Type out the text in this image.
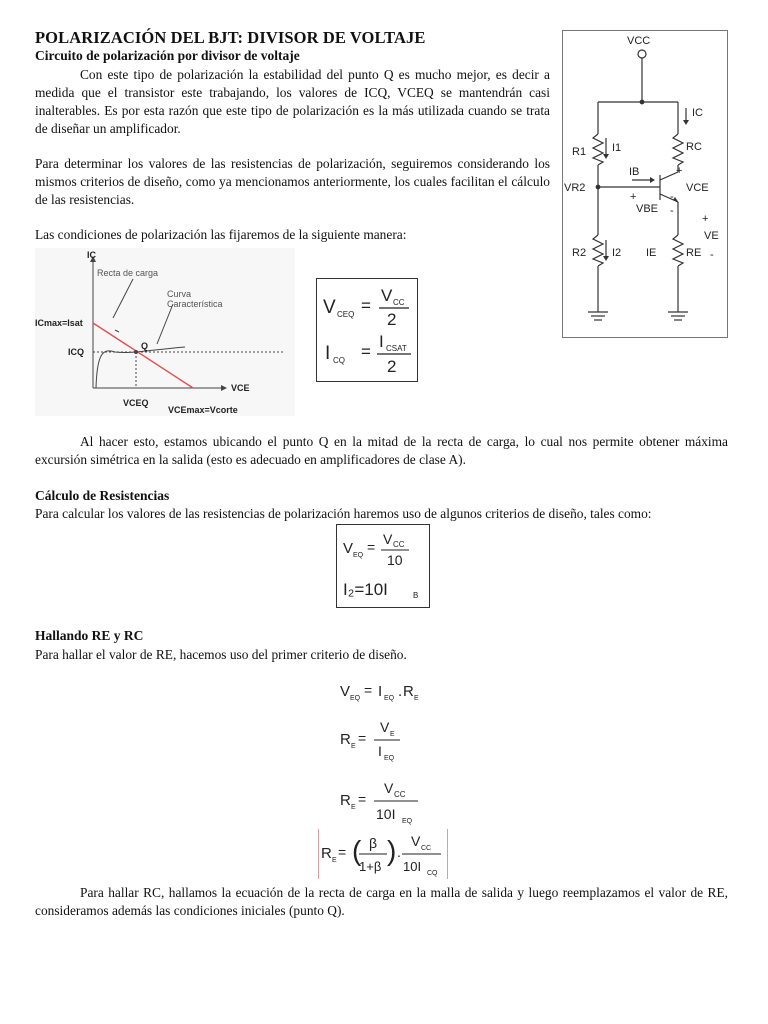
POLARIZACIÓN DEL BJT: DIVISOR DE VOLTAJE
Circuito de polarización por divisor de voltaje
Con este tipo de polarización la estabilidad del punto Q es mucho mejor, es decir a medida que el transistor este trabajando, los valores de ICQ, VCEQ se mantendrán casi inalterables. Es por esta razón que este tipo de polarización es la más utilizada cuando se trata de diseñar un amplificador.
Para determinar los valores de las resistencias de polarización, seguiremos considerando los mismos criterios de diseño, como ya mencionamos anteriormente, los cuales facilitan el cálculo de las resistencias.
Las condiciones de polarización las fijaremos de la siguiente manera:
VCC
R1 I1
IC
RC
IB
VR2
+
VCE
+	-
VBE -
+
VE
R2 I2 IE	RE -
IC
Recta de carga
Curva
Característica
ICmax=Isat
ICQ
Q
VCE
VCEQ
VCEmax=Vcorte
V CEQ =
V CC
2
I CQ =
I CSAT
2
Al hacer esto, estamos ubicando el punto Q en la mitad de la recta de carga, lo cual nos permite obtener máxima excursión simétrica en la salida (esto es adecuado en amplificadores de clase A).
Cálculo de Resistencias
Para calcular los valores de las resistencias de polarización haremos uso de algunos criterios de diseño, tales como:
V EQ
= V CC
10
I₂=10I	B
Hallando RE y RC
Para hallar el valor de RE, hacemos uso del primer criterio de diseño.
V EQ
= I EQ . R E
R E
=
V E
I EQ
R E
=
V CC
10I EQ
R E
= ( β
1+β
) .
V CC
10I CQ
Para hallar RC, hallamos la ecuación de la recta de carga en la malla de salida y luego reemplazamos el valor de RE, consideramos además las condiciones iniciales (punto Q).
